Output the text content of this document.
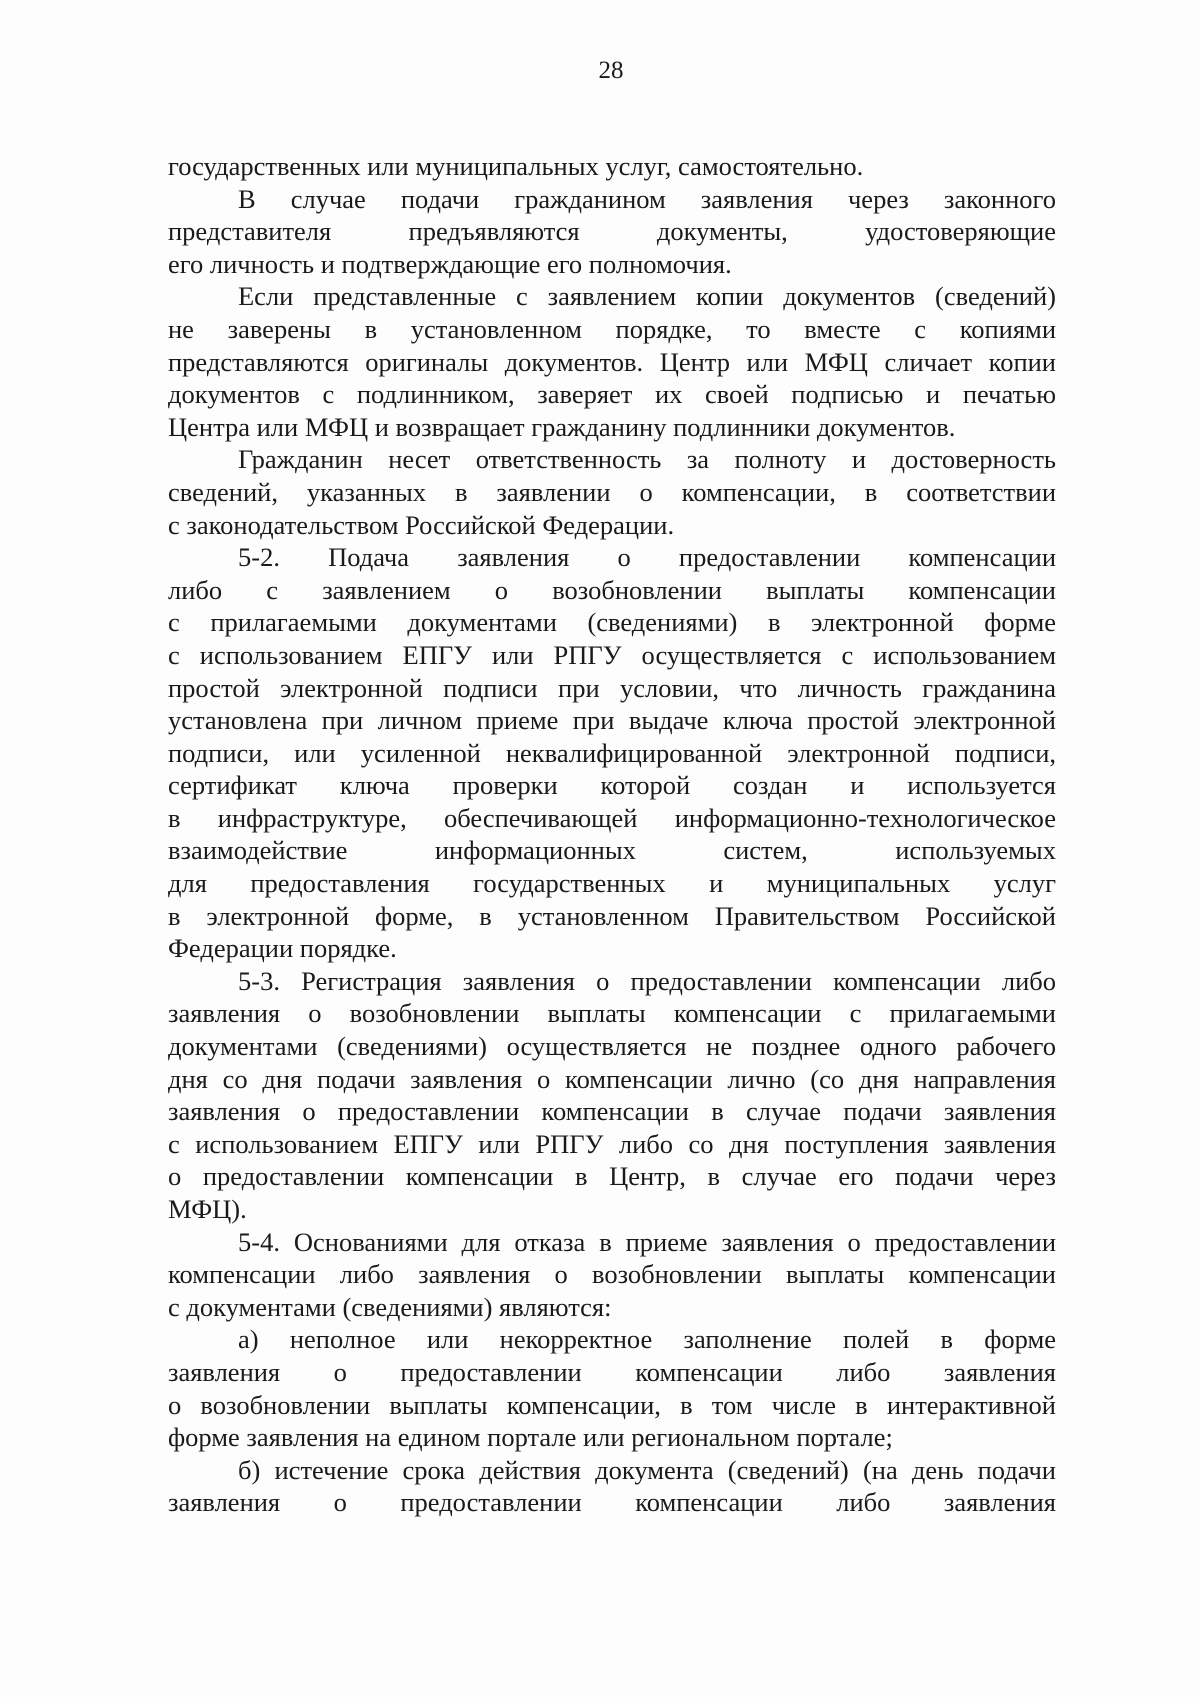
28
государственных или муниципальных услуг, самостоятельно.
В случае подачи гражданином заявления через законного
представителя предъявляются документы, удостоверяющие
его личность и подтверждающие его полномочия.
Если представленные с заявлением копии документов (сведений)
не заверены в установленном порядке, то вместе с копиями
представляются оригиналы документов. Центр или МФЦ сличает копии
документов с подлинником, заверяет их своей подписью и печатью
Центра или МФЦ и возвращает гражданину подлинники документов.
Гражданин несет ответственность за полноту и достоверность
сведений, указанных в заявлении о компенсации, в соответствии
с законодательством Российской Федерации.
5-2. Подача заявления о предоставлении компенсации
либо с заявлением о возобновлении выплаты компенсации
с прилагаемыми документами (сведениями) в электронной форме
с использованием ЕПГУ или РПГУ осуществляется с использованием
простой электронной подписи при условии, что личность гражданина
установлена при личном приеме при выдаче ключа простой электронной
подписи, или усиленной неквалифицированной электронной подписи,
сертификат ключа проверки которой создан и используется
в инфраструктуре, обеспечивающей информационно-технологическое
взаимодействие информационных систем, используемых
для предоставления государственных и муниципальных услуг
в электронной форме, в установленном Правительством Российской
Федерации порядке.
5-3. Регистрация заявления о предоставлении компенсации либо
заявления о возобновлении выплаты компенсации с прилагаемыми
документами (сведениями) осуществляется не позднее одного рабочего
дня со дня подачи заявления о компенсации лично (со дня направления
заявления о предоставлении компенсации в случае подачи заявления
с использованием ЕПГУ или РПГУ либо со дня поступления заявления
о предоставлении компенсации в Центр, в случае его подачи через
МФЦ).
5-4. Основаниями для отказа в приеме заявления о предоставлении
компенсации либо заявления о возобновлении выплаты компенсации
с документами (сведениями) являются:
а) неполное или некорректное заполнение полей в форме
заявления о предоставлении компенсации либо заявления
о возобновлении выплаты компенсации, в том числе в интерактивной
форме заявления на едином портале или региональном портале;
б) истечение срока действия документа (сведений) (на день подачи
заявления о предоставлении компенсации либо заявления
